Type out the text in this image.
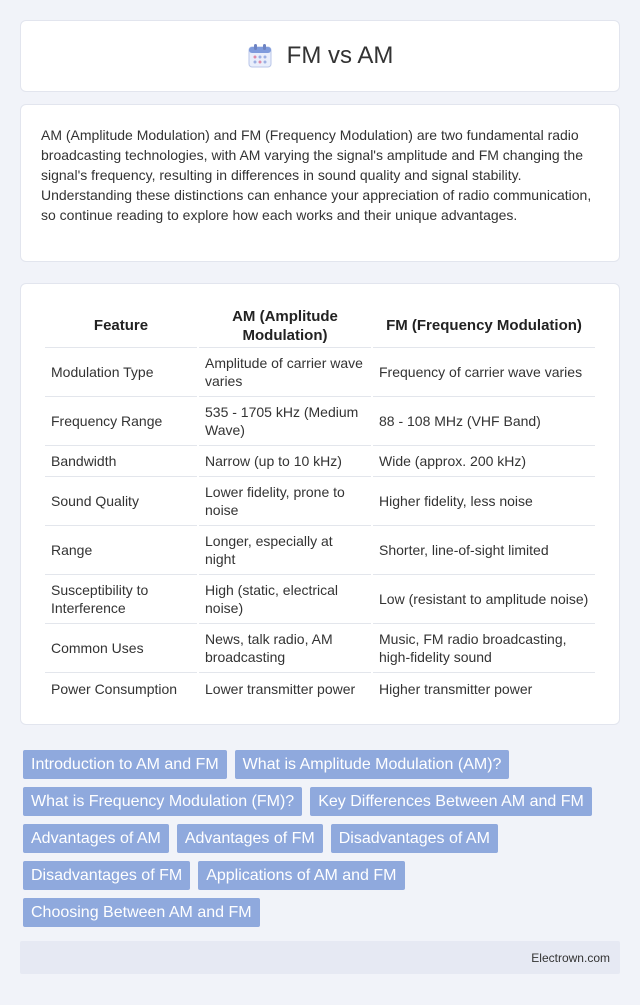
FM vs AM

AM (Amplitude Modulation) and FM (Frequency Modulation) are two fundamental radio broadcasting technologies, with AM varying the signal's amplitude and FM changing the signal's frequency, resulting in differences in sound quality and signal stability. Understanding these distinctions can enhance your appreciation of radio communication, so continue reading to explore how each works and their unique advantages.

Feature	AM (Amplitude Modulation)	FM (Frequency Modulation)
Modulation Type	Amplitude of carrier wave varies	Frequency of carrier wave varies
Frequency Range	535 - 1705 kHz (Medium Wave)	88 - 108 MHz (VHF Band)
Bandwidth	Narrow (up to 10 kHz)	Wide (approx. 200 kHz)
Sound Quality	Lower fidelity, prone to noise	Higher fidelity, less noise
Range	Longer, especially at night	Shorter, line-of-sight limited
Susceptibility to Interference	High (static, electrical noise)	Low (resistant to amplitude noise)
Common Uses	News, talk radio, AM broadcasting	Music, FM radio broadcasting, high-fidelity sound
Power Consumption	Lower transmitter power	Higher transmitter power
Introduction to AM and FM	What is Amplitude Modulation (AM)?
What is Frequency Modulation (FM)?	Key Differences Between AM and FM
Advantages of AM	Advantages of FM	Disadvantages of AM
Disadvantages of FM	Applications of AM and FM
Choosing Between AM and FM
Electrown.com
